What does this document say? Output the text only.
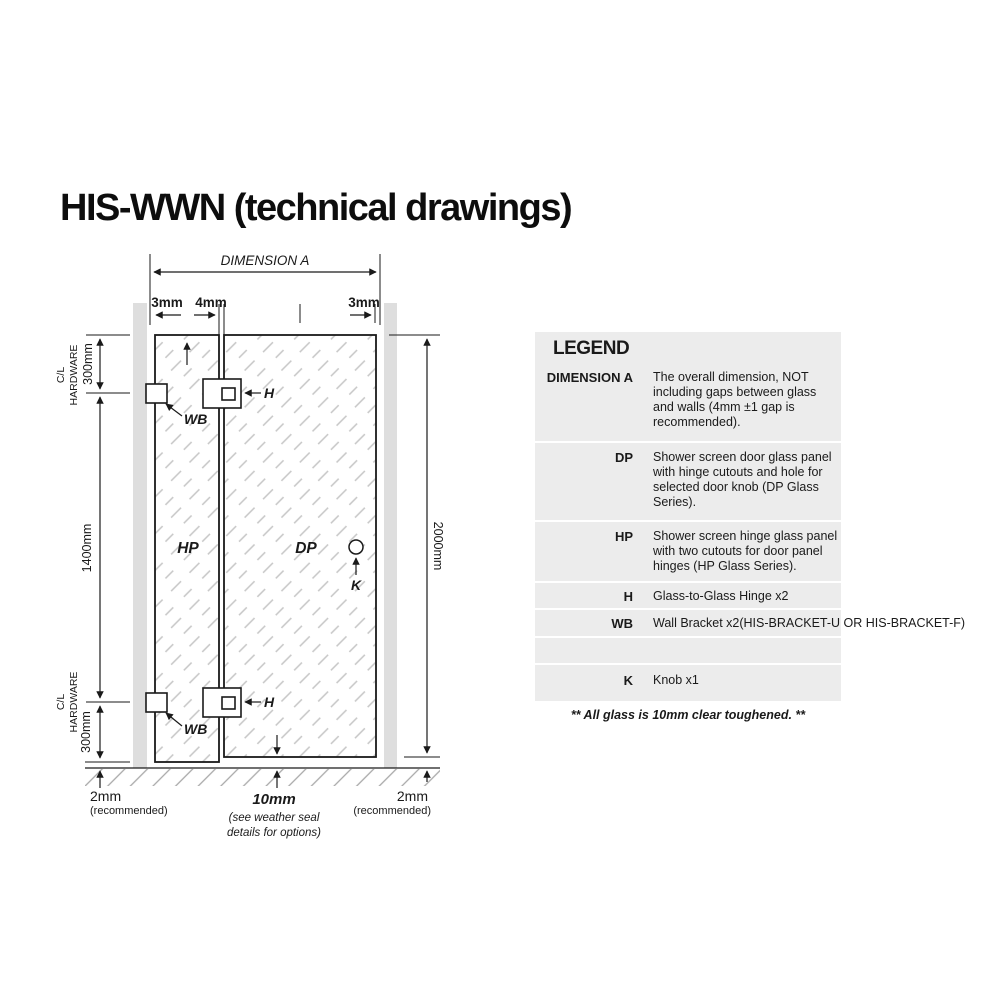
HIS-WWN (technical drawings)
DIMENSION A
3mm 4mm	3mm
300mm
C/L HARDWARE
1400mm
C/L HARDWARE 300mm
2000mm
10mm
(see weather seal
details for options)
2mm
(recommended)
2mm
(recommended)
HP	DP
WB
WB
H
H
K
LEGEND
DIMENSION A The overall dimension, NOT including gaps between glass and walls (4mm ±1 gap is recommended).
DP Shower screen door glass panel with hinge cutouts and hole for selected door knob (DP Glass Series).
HP Shower screen hinge glass panel with two cutouts for door panel hinges (HP Glass Series).
H Glass-to-Glass Hinge x2
WB Wall Bracket x2(HIS-BRACKET-U OR HIS-BRACKET-F)
K Knob x1
** All glass is 10mm clear toughened. **
